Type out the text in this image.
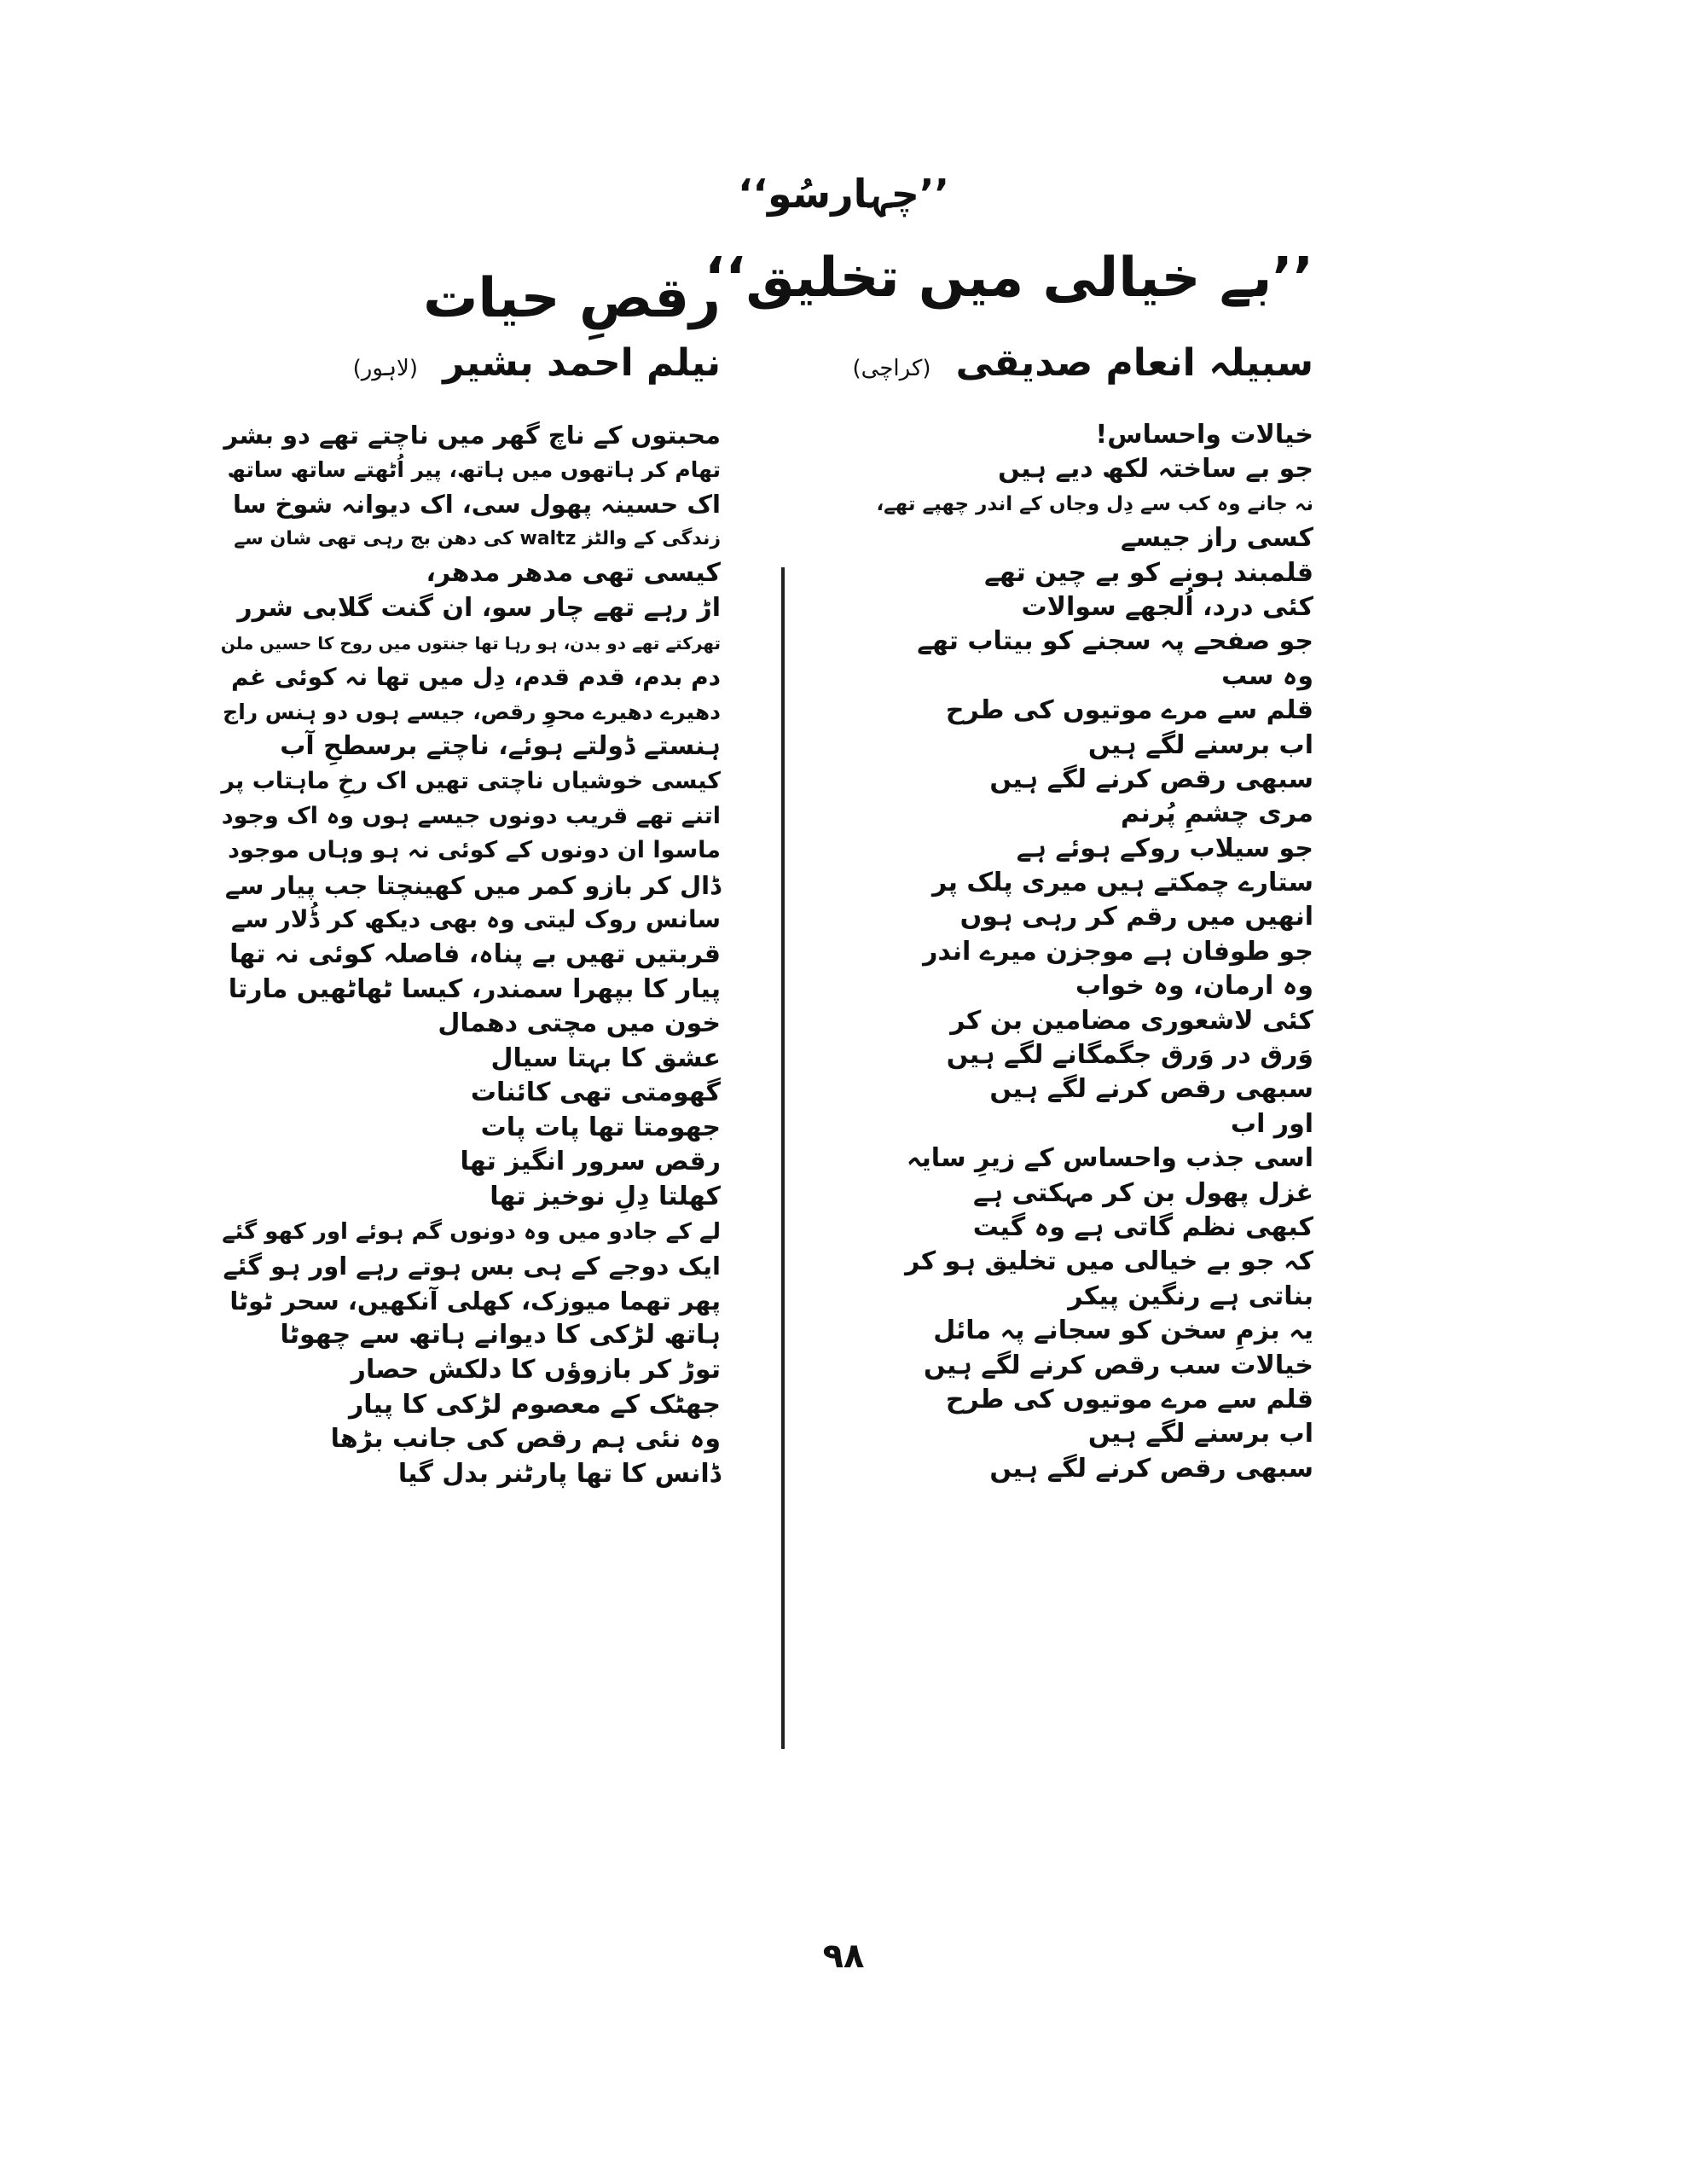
’’چہارسُو‘‘
’’بے خیالی میں تخلیق‘‘
سبیلہ انعام صدیقی (کراچی)
خیالات واحساس!
جو بے ساختہ لکھ دیے ہیں
نہ جانے وہ کب سے دِل وجاں کے اندر چھپے تھے،
کسی راز جیسے
قلمبند ہونے کو بے چین تھے
کئی درد، اُلجھے سوالات
جو صفحے پہ سجنے کو بیتاب تھے
وہ سب
قلم سے مرے موتیوں کی طرح
اب برسنے لگے ہیں
سبھی رقص کرنے لگے ہیں
مری چشمِ پُرنم
جو سیلاب روکے ہوئے ہے
ستارے چمکتے ہیں میری پلک پر
انھیں میں رقم کر رہی ہوں
جو طوفان ہے موجزن میرے اندر
وہ ارمان، وہ خواب
کئی لاشعوری مضامین بن کر
وَرق در وَرق جگمگانے لگے ہیں
سبھی رقص کرنے لگے ہیں
اور اب
اسی جذب واحساس کے زیرِ سایہ
غزل پھول بن کر مہکتی ہے
کبھی نظم گاتی ہے وہ گیت
کہ جو بے خیالی میں تخلیق ہو کر
بناتی ہے رنگین پیکر
یہ بزمِ سخن کو سجانے پہ مائل
خیالات سب رقص کرنے لگے ہیں
قلم سے مرے موتیوں کی طرح
اب برسنے لگے ہیں
سبھی رقص کرنے لگے ہیں
رقصِ حیات
نیلم احمد بشیر (لاہور)
محبتوں کے ناچ گھر میں ناچتے تھے دو بشر
تھام کر ہاتھوں میں ہاتھ، پیر اُٹھتے ساتھ ساتھ
اک حسینہ پھول سی، اک دیوانہ شوخ سا
زندگی کے والٹز waltz کی دھن بج رہی تھی شان سے
کیسی تھی مدھر مدھر،
اڑ رہے تھے چار سو، ان گنت گلابی شرر
تھرکتے تھے دو بدن، ہو رہا تھا جنتوں میں روح کا حسیں ملن
دم بدم، قدم قدم، دِل میں تھا نہ کوئی غم
دھیرے دھیرے محوِ رقص، جیسے ہوں دو ہنس راج
ہنستے ڈولتے ہوئے، ناچتے برسطحِ آب
کیسی خوشیاں ناچتی تھیں اک رخِ ماہتاب پر
اتنے تھے قریب دونوں جیسے ہوں وہ اک وجود
ماسوا ان دونوں کے کوئی نہ ہو وہاں موجود
ڈال کر بازو کمر میں کھینچتا جب پیار سے
سانس روک لیتی وہ بھی دیکھ کر ڈُلار سے
قربتیں تھیں بے پناہ، فاصلہ کوئی نہ تھا
پیار کا بپھرا سمندر، کیسا ٹھاٹھیں مارتا
خون میں مچتی دھمال
عشق کا بہتا سیال
گھومتی تھی کائنات
جھومتا تھا پات پات
رقص سرور انگیز تھا
کھلتا دِلِ نوخیز تھا
لے کے جادو میں وہ دونوں گم ہوئے اور کھو گئے
ایک دوجے کے ہی بس ہوتے رہے اور ہو گئے
پھر تھما میوزک، کھلی آنکھیں، سحر ٹوٹا
ہاتھ لڑکی کا دیوانے ہاتھ سے چھوٹا
توڑ کر بازوؤں کا دلکش حصار
جھٹک کے معصوم لڑکی کا پیار
وہ نئی ہم رقص کی جانب بڑھا
ڈانس کا تھا پارٹنر بدل گیا
۹۸
